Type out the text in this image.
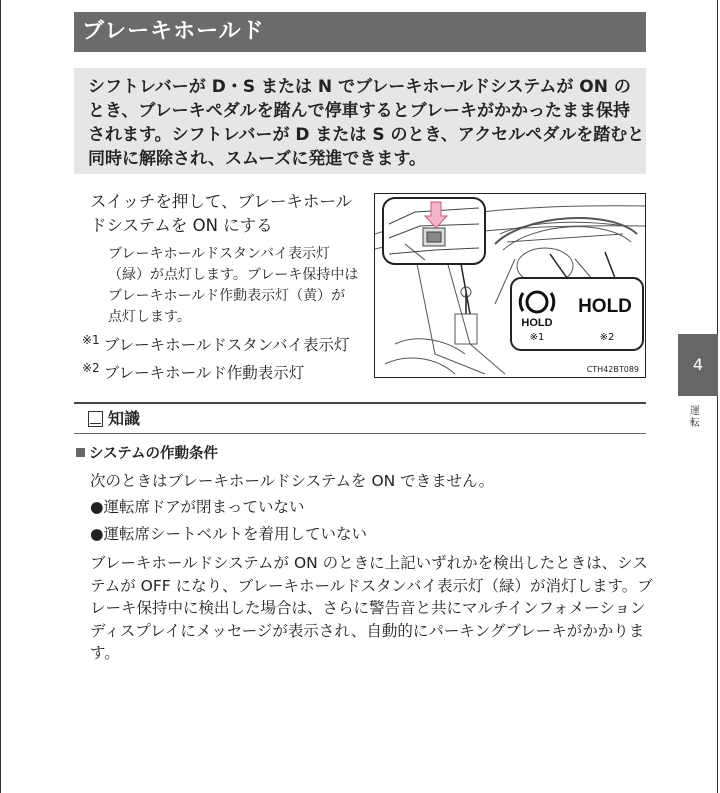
ブレーキホールド
シフトレバーが D・S または N でブレーキホールドシステムが ON の
とき、ブレーキペダルを踏んで停車するとブレーキがかかったまま保持
されます。シフトレバーが D または S のとき、アクセルペダルを踏むと
同時に解除され、スムーズに発進できます。
スイッチを押して、ブレーキホール
ドシステムを ON にする
ブレーキホールドスタンバイ表示灯
（緑）が点灯します。ブレーキ保持中は
ブレーキホールド作動表示灯（黄）が
点灯します。
$^{※1}$ ブレーキホールドスタンバイ表示灯
$^{※2}$ ブレーキホールド作動表示灯
HOLD
※1
HOLD
※2
CTH42BT089	4
運転
知識
システムの作動条件
次のときはブレーキホールドシステムを ON できません。
●運転席ドアが閉まっていない
●運転席シートベルトを着用していない
ブレーキホールドシステムが ON のときに上記いずれかを検出したときは、シス
テムが OFF になり、ブレーキホールドスタンバイ表示灯（緑）が消灯します。ブ
レーキ保持中に検出した場合は、さらに警告音と共にマルチインフォメーション
ディスプレイにメッセージが表示され、自動的にパーキングブレーキがかかりま
す。
